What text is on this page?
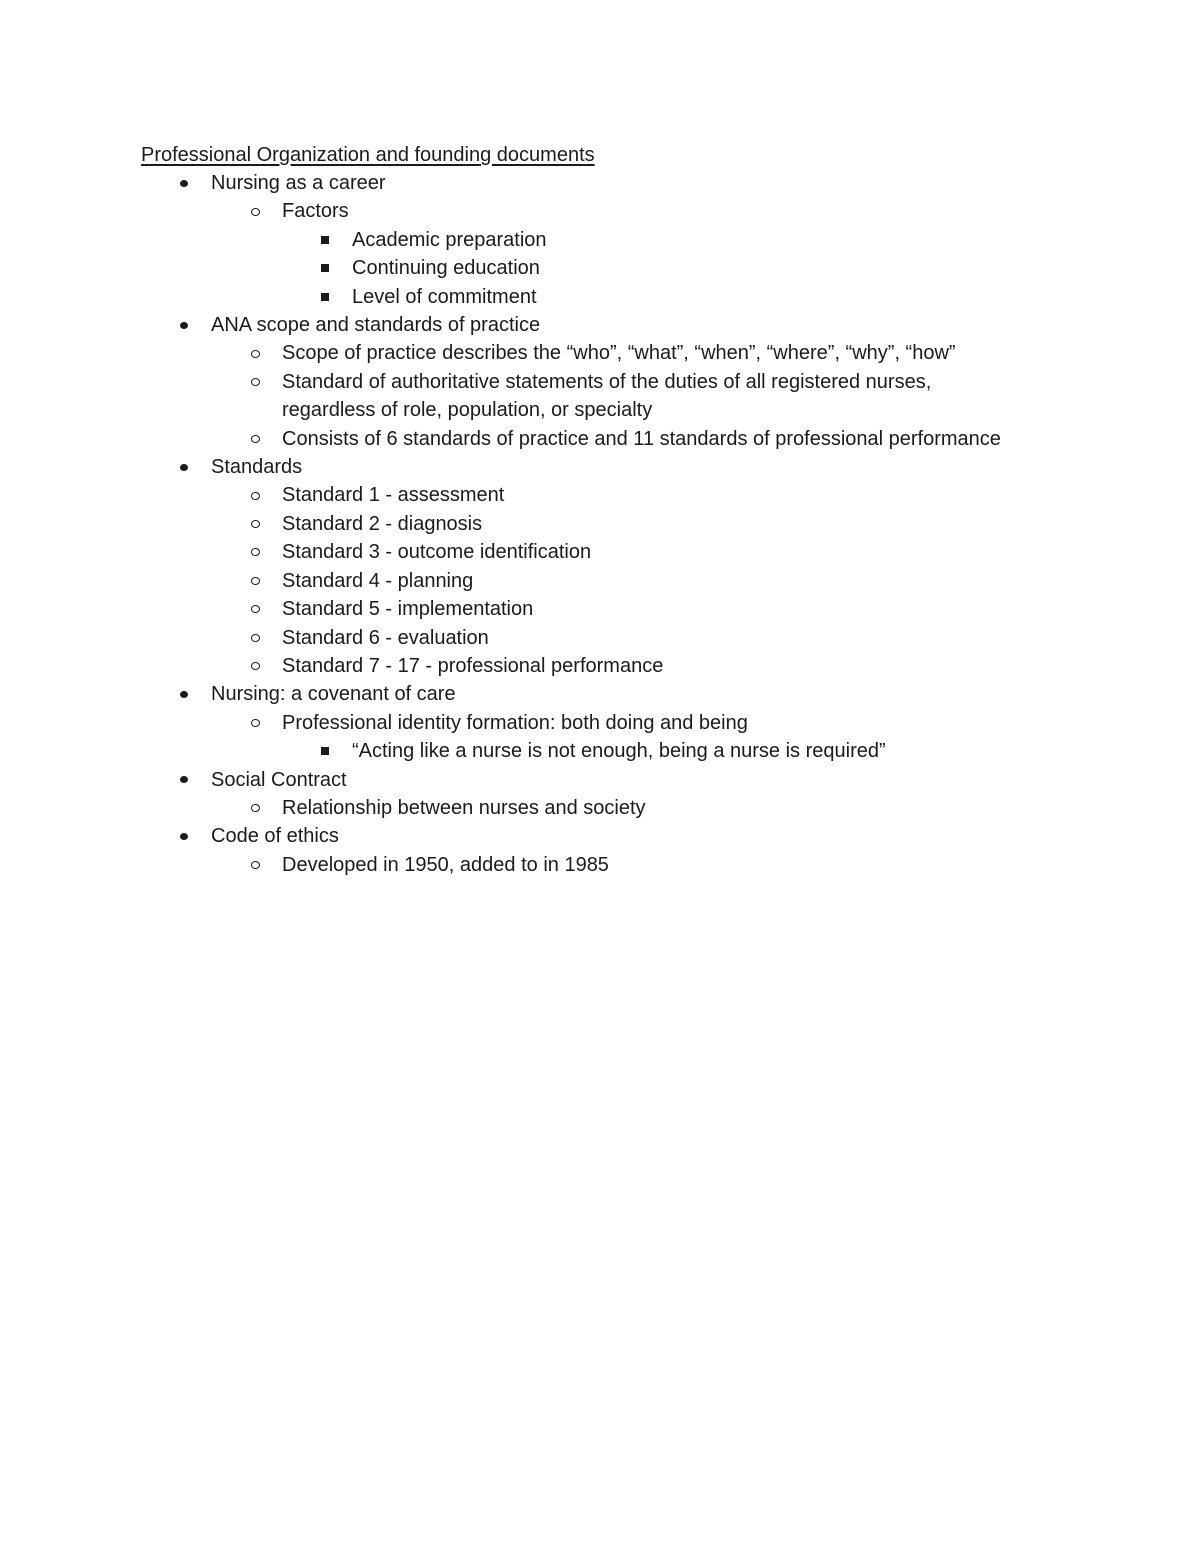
Professional Organization and founding documents
Nursing as a career
Factors
Academic preparation
Continuing education
Level of commitment
ANA scope and standards of practice
Scope of practice describes the “who”, “what”, “when”, “where”, “why”, “how”
Standard of authoritative statements of the duties of all registered nurses, regardless of role, population, or specialty
Consists of 6 standards of practice and 11 standards of professional performance
Standards
Standard 1 - assessment
Standard 2 - diagnosis
Standard 3 - outcome identification
Standard 4 - planning
Standard 5 - implementation
Standard 6 - evaluation
Standard 7 - 17 - professional performance
Nursing: a covenant of care
Professional identity formation: both doing and being
“Acting like a nurse is not enough, being a nurse is required”
Social Contract
Relationship between nurses and society
Code of ethics
Developed in 1950, added to in 1985
